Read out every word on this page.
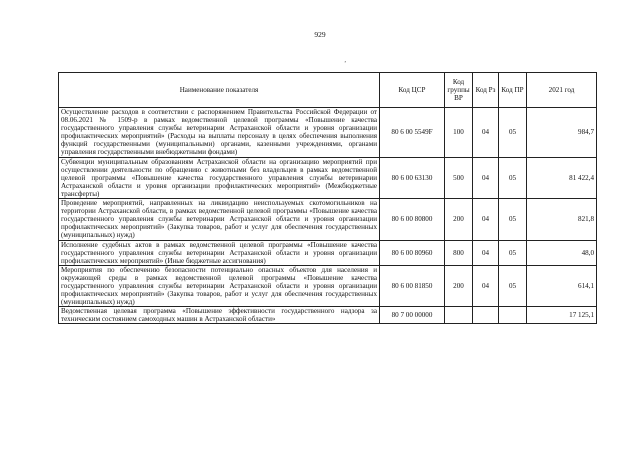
929
ʼ
Наименование показателя	Код ЦСР	Код группы ВР	Код Рз	Код ПР	2021 год
Осуществление расходов в соответствии с распоряжением Правительства Российской Федерации от 08.06.2021 № 1509-р в рамках ведомственной целевой программы «Повышение качества государственного управления службы ветеринарии Астраханской области и уровня организации профилактических мероприятий» (Расходы на выплаты персоналу в целях обеспечения выполнения функций государственными (муниципальными) органами, казенными учреждениями, органами управления государственными внебюджетными фондами)	80 6 00 5549F	100	04	05	984,7
Субвенции муниципальным образованиям Астраханской области на организацию мероприятий при осуществлении деятельности по обращению с животными без владельцев в рамках ведомственной целевой программы «Повышение качества государственного управления службы ветеринарии Астраханской области и уровня организации профилактических мероприятий» (Межбюджетные трансферты)	80 6 00 63130	500	04	05	81 422,4
Проведение мероприятий, направленных на ликвидацию неиспользуемых скотомогильников на территории Астраханской области, в рамках ведомственной целевой программы «Повышение качества государственного управления службы ветеринарии Астраханской области и уровня организации профилактических мероприятий» (Закупка товаров, работ и услуг для обеспечения государственных (муниципальных) нужд)	80 6 00 80800	200	04	05	821,8
Исполнение судебных актов в рамках ведомственной целевой программы «Повышение качества государственного управления службы ветеринарии Астраханской области и уровня организации профилактических мероприятий» (Иные бюджетные ассигнования)	80 6 00 80960	800	04	05	48,0
Мероприятия по обеспечению безопасности потенциально опасных объектов для населения и окружающей среды в рамках ведомственной целевой программы «Повышение качества государственного управления службы ветеринарии Астраханской области и уровня организации профилактических мероприятий» (Закупка товаров, работ и услуг для обеспечения государственных (муниципальных) нужд)	80 6 00 81850	200	04	05	614,1
Ведомственная целевая программа «Повышение эффективности государственного надзора за техническим состоянием самоходных машин в Астраханской области»	80 7 00 00000				17 125,1
